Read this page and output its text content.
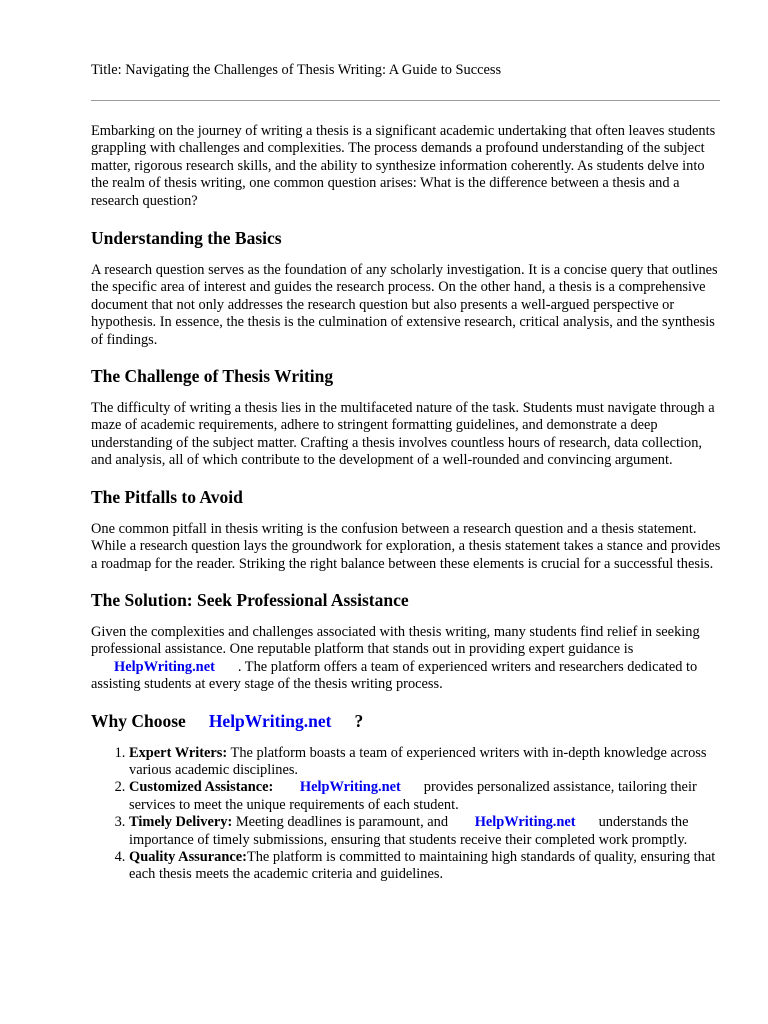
Title: Navigating the Challenges of Thesis Writing: A Guide to Success

Embarking on the journey of writing a thesis is a significant academic undertaking that often leaves students grappling with challenges and complexities. The process demands a profound understanding of the subject matter, rigorous research skills, and the ability to synthesize information coherently. As students delve into the realm of thesis writing, one common question arises: What is the difference between a thesis and a research question?

Understanding the Basics

A research question serves as the foundation of any scholarly investigation. It is a concise query that outlines the specific area of interest and guides the research process. On the other hand, a thesis is a comprehensive document that not only addresses the research question but also presents a well-argued perspective or hypothesis. In essence, the thesis is the culmination of extensive research, critical analysis, and the synthesis of findings.

The Challenge of Thesis Writing

The difficulty of writing a thesis lies in the multifaceted nature of the task. Students must navigate through a maze of academic requirements, adhere to stringent formatting guidelines, and demonstrate a deep understanding of the subject matter. Crafting a thesis involves countless hours of research, data collection, and analysis, all of which contribute to the development of a well-rounded and convincing argument.

The Pitfalls to Avoid

One common pitfall in thesis writing is the confusion between a research question and a thesis statement. While a research question lays the groundwork for exploration, a thesis statement takes a stance and provides a roadmap for the reader. Striking the right balance between these elements is crucial for a successful thesis.

The Solution: Seek Professional Assistance

Given the complexities and challenges associated with thesis writing, many students find relief in seeking professional assistance. One reputable platform that stands out in providing expert guidance is HelpWriting.net . The platform offers a team of experienced writers and researchers dedicated to assisting students at every stage of the thesis writing process.

Why Choose HelpWriting.net ?
1. Expert Writers: The platform boasts a team of experienced writers with in-depth knowledge across various academic disciplines.
2. Customized Assistance: HelpWriting.net provides personalized assistance, tailoring their services to meet the unique requirements of each student.
3. Timely Delivery: Meeting deadlines is paramount, and HelpWriting.net understands the importance of timely submissions, ensuring that students receive their completed work promptly.
4. Quality Assurance:The platform is committed to maintaining high standards of quality, ensuring that each thesis meets the academic criteria and guidelines.
